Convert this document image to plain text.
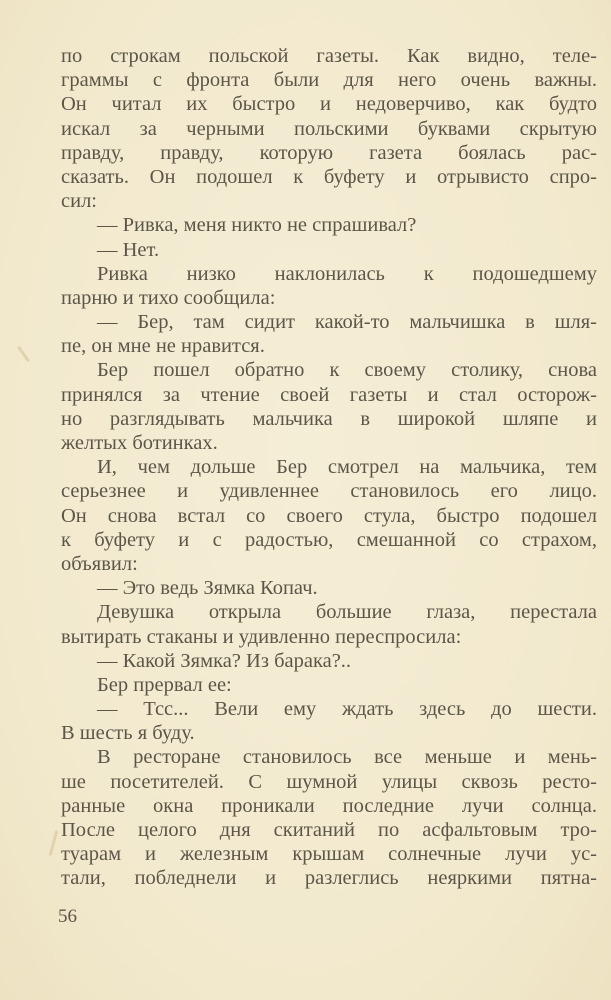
по строкам польской газеты. Как видно, теле-
граммы с фронта были для него очень важны.
Он читал их быстро и недоверчиво, как будто
искал за черными польскими буквами скрытую
правду, правду, которую газета боялась рас-
сказать. Он подошел к буфету и отрывисто спро-
сил:
— Ривка, меня никто не спрашивал?
— Нет.
Ривка низко наклонилась к подошедшему
парню и тихо сообщила:
— Бер, там сидит какой-то мальчишка в шля-
пе, он мне не нравится.
Бер пошел обратно к своему столику, снова
принялся за чтение своей газеты и стал осторож-
но разглядывать мальчика в широкой шляпе и
желтых ботинках.
И, чем дольше Бер смотрел на мальчика, тем
серьезнее и удивленнее становилось его лицо.
Он снова встал со своего стула, быстро подошел
к буфету и с радостью, смешанной со страхом,
объявил:
— Это ведь Зямка Копач.
Девушка открыла большие глаза, перестала
вытирать стаканы и удивленно переспросила:
— Какой Зямка? Из барака?..
Бер прервал ее:
— Тсс... Вели ему ждать здесь до шести.
В шесть я буду.
В ресторане становилось все меньше и мень-
ше посетителей. С шумной улицы сквозь ресто-
ранные окна проникали последние лучи солнца.
После целого дня скитаний по асфальтовым тро-
туарам и железным крышам солнечные лучи ус-
тали, побледнели и разлеглись неяркими пятна-
56
